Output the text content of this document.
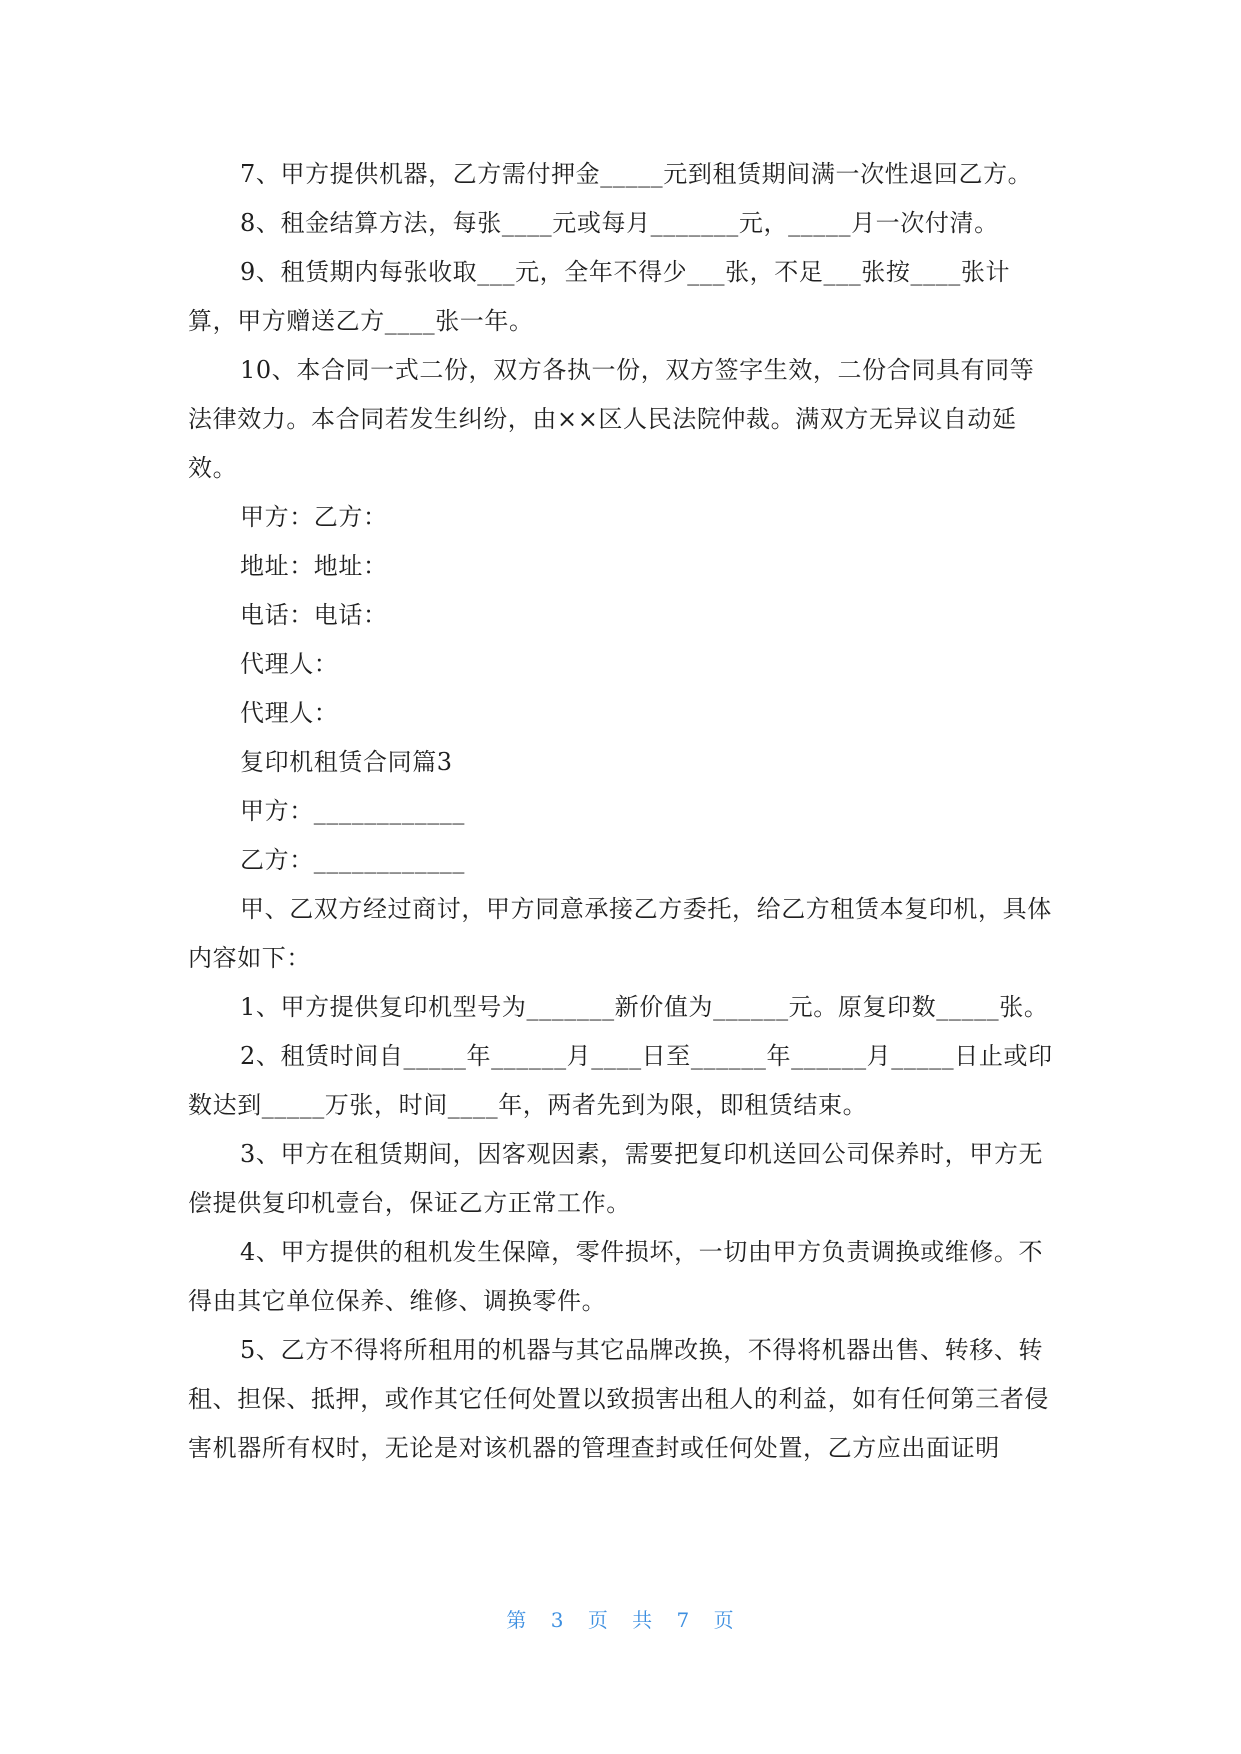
7、甲方提供机器，乙方需付押金_____元到租赁期间满一次性退回乙方。

8、租金结算方法，每张____元或每月_______元，_____月一次付清。

9、租赁期内每张收取___元，全年不得少___张，不足___张按____张计算，甲方赠送乙方____张一年。

10、本合同一式二份，双方各执一份，双方签字生效，二份合同具有同等法律效力。本合同若发生纠纷，由××区人民法院仲裁。满双方无异议自动延效。

甲方：乙方：

地址：地址：

电话：电话：

代理人：

代理人：

复印机租赁合同篇3

甲方：____________

乙方：____________

甲、乙双方经过商讨，甲方同意承接乙方委托，给乙方租赁本复印机，具体内容如下：

1、甲方提供复印机型号为_______新价值为______元。原复印数_____张。

2、租赁时间自_____年______月____日至______年______月_____日止或印数达到_____万张，时间____年，两者先到为限，即租赁结束。

3、甲方在租赁期间，因客观因素，需要把复印机送回公司保养时，甲方无偿提供复印机壹台，保证乙方正常工作。

4、甲方提供的租机发生保障，零件损坏，一切由甲方负责调换或维修。不得由其它单位保养、维修、调换零件。

5、乙方不得将所租用的机器与其它品牌改换，不得将机器出售、转移、转租、担保、抵押，或作其它任何处置以致损害出租人的利益，如有任何第三者侵害机器所有权时，无论是对该机器的管理查封或任何处置，乙方应出面证明

第 3 页 共 7 页
